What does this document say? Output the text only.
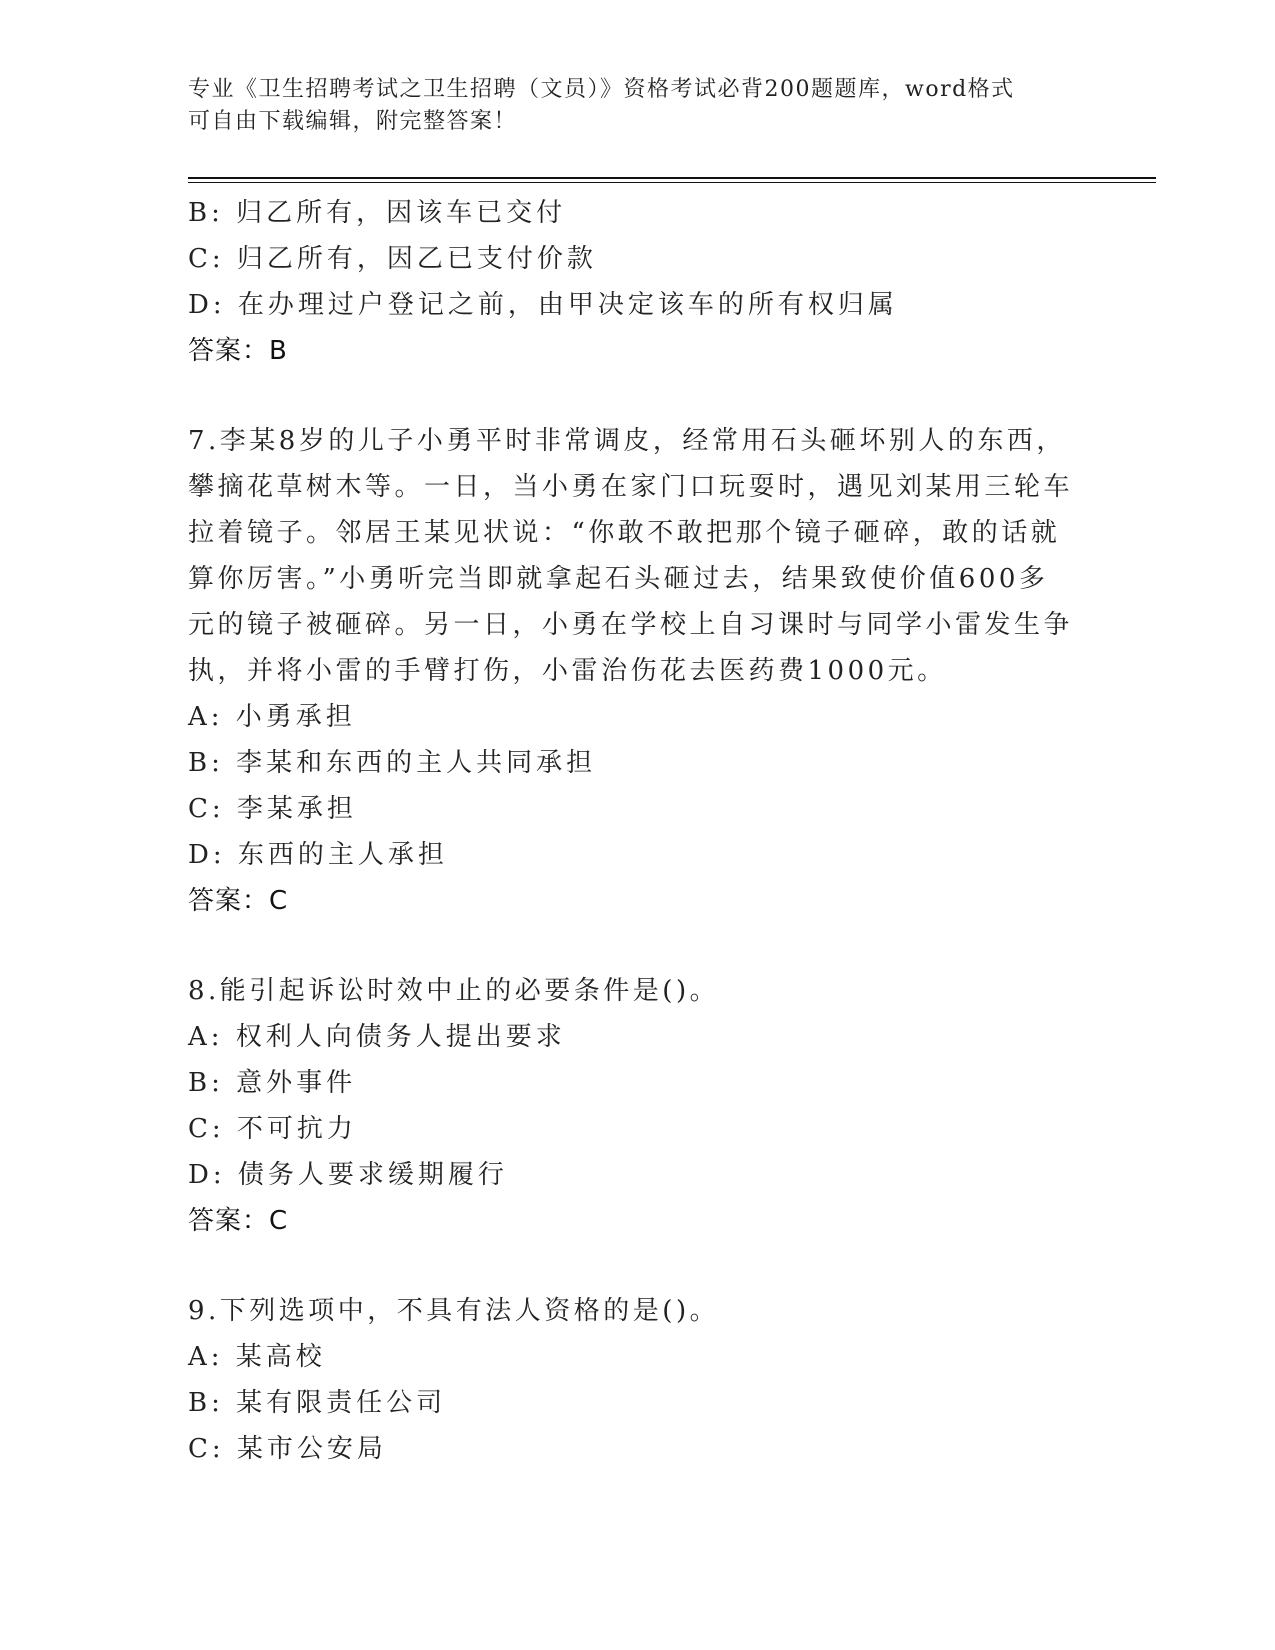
专业《卫生招聘考试之卫生招聘（文员）》资格考试必背200题题库，word格式
可自由下载编辑，附完整答案！
B: 归乙所有，因该车已交付
C: 归乙所有，因乙已支付价款
D: 在办理过户登记之前，由甲决定该车的所有权归属
答案：B
7.李某8岁的儿子小勇平时非常调皮，经常用石头砸坏别人的东西，
攀摘花草树木等。一日，当小勇在家门口玩耍时，遇见刘某用三轮车
拉着镜子。邻居王某见状说：“你敢不敢把那个镜子砸碎，敢的话就
算你厉害。”小勇听完当即就拿起石头砸过去，结果致使价值600多
元的镜子被砸碎。另一日，小勇在学校上自习课时与同学小雷发生争
执，并将小雷的手臂打伤，小雷治伤花去医药费1000元。
A: 小勇承担
B: 李某和东西的主人共同承担
C: 李某承担
D: 东西的主人承担
答案：C
8.能引起诉讼时效中止的必要条件是()。
A: 权利人向债务人提出要求
B: 意外事件
C: 不可抗力
D: 债务人要求缓期履行
答案：C
9.下列选项中，不具有法人资格的是()。
A: 某高校
B: 某有限责任公司
C: 某市公安局
